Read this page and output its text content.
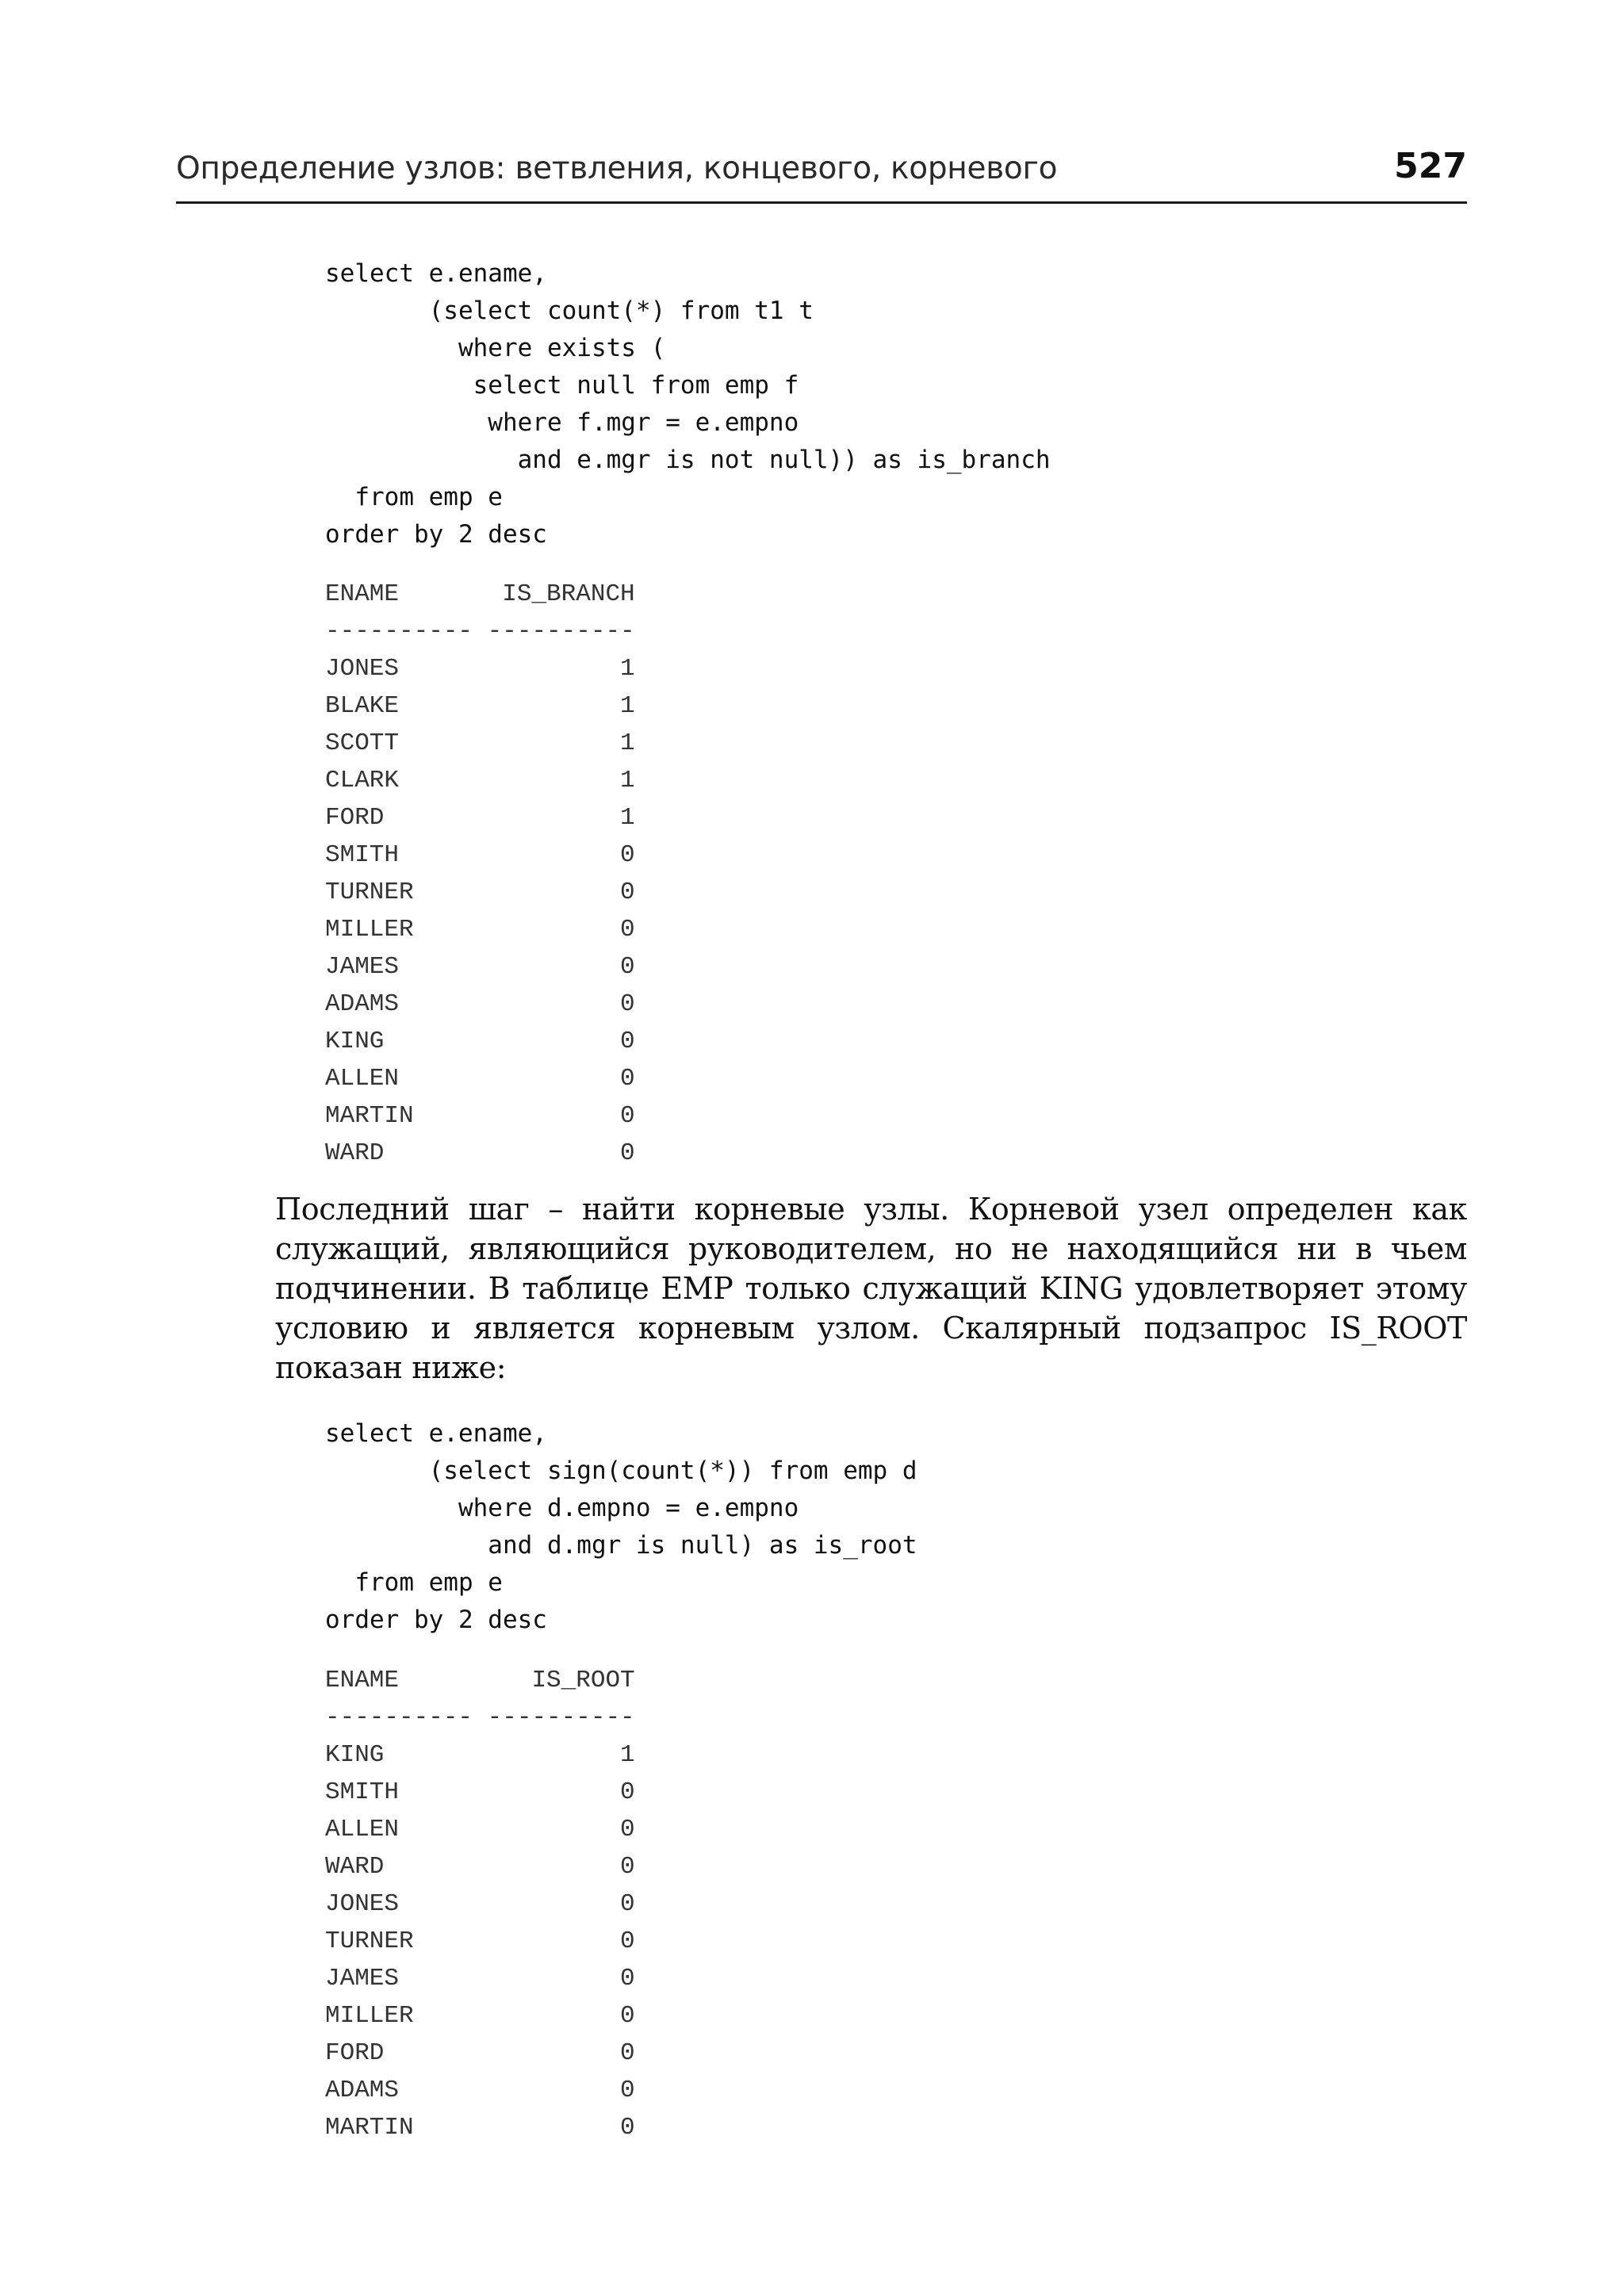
Определение узлов: ветвления, концевого, корневого	527
select e.ename,
(select count(*) from t1 t
where exists (
select null from emp f
where f.mgr = e.empno
and e.mgr is not null)) as is_branch
from emp e
order by 2 desc
ENAME       IS_BRANCH
---------- ----------
JONES               1
BLAKE               1
SCOTT               1
CLARK               1
FORD                1
SMITH               0
TURNER              0
MILLER              0
JAMES               0
ADAMS               0
KING                0
ALLEN               0
MARTIN              0
WARD                0

Последний шаг – найти корневые узлы. Корневой узел определен как служащий, являющийся руководителем, но не находящийся ни в чьем подчинении. В таблице EMP только служащий KING удовлетворяет этому условию и является корневым узлом. Скалярный подзапрос IS_ROOT показан ниже:

select e.ename,
(select sign(count(*)) from emp d
where d.empno = e.empno
and d.mgr is null) as is_root
from emp e
order by 2 desc
ENAME         IS_ROOT
---------- ----------
KING                1
SMITH               0
ALLEN               0
WARD                0
JONES               0
TURNER              0
JAMES               0
MILLER              0
FORD                0
ADAMS               0
MARTIN              0
